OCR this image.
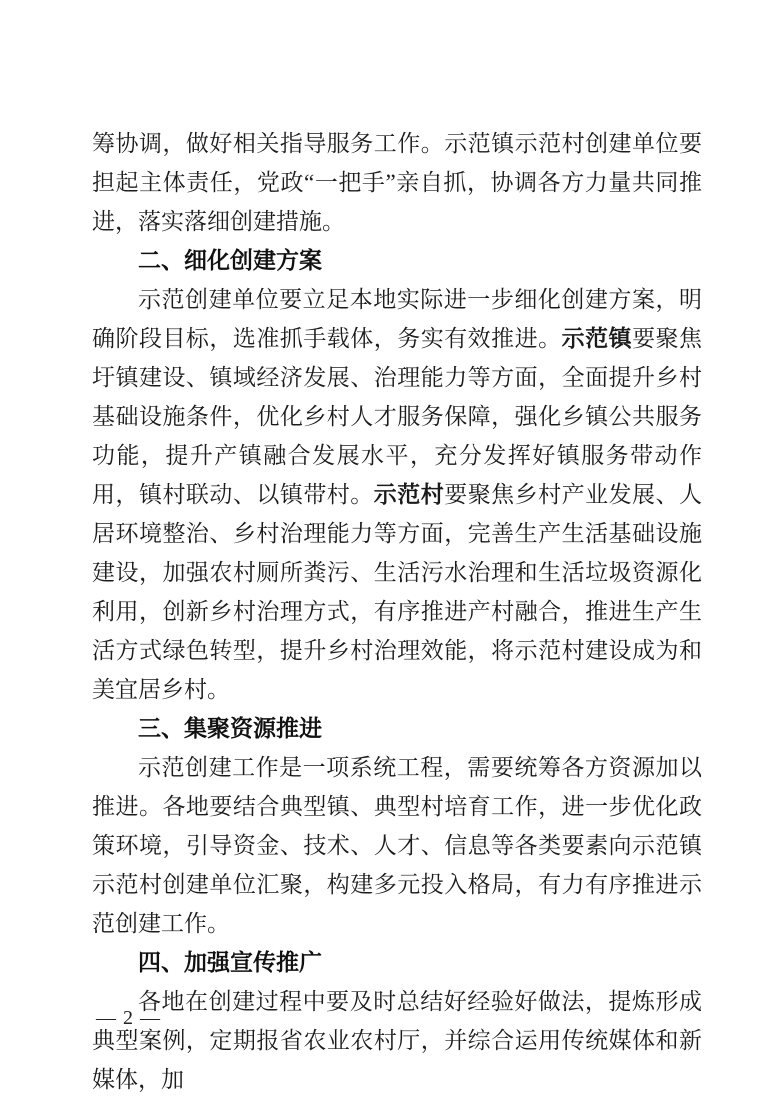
筹协调，做好相关指导服务工作。示范镇示范村创建单位要担起主体责任，党政“一把手”亲自抓，协调各方力量共同推进，落实落细创建措施。

二、细化创建方案

示范创建单位要立足本地实际进一步细化创建方案，明确阶段目标，选准抓手载体，务实有效推进。示范镇要聚焦圩镇建设、镇域经济发展、治理能力等方面，全面提升乡村基础设施条件，优化乡村人才服务保障，强化乡镇公共服务功能，提升产镇融合发展水平，充分发挥好镇服务带动作用，镇村联动、以镇带村。示范村要聚焦乡村产业发展、人居环境整治、乡村治理能力等方面，完善生产生活基础设施建设，加强农村厕所粪污、生活污水治理和生活垃圾资源化利用，创新乡村治理方式，有序推进产村融合，推进生产生活方式绿色转型，提升乡村治理效能，将示范村建设成为和美宜居乡村。

三、集聚资源推进

示范创建工作是一项系统工程，需要统筹各方资源加以推进。各地要结合典型镇、典型村培育工作，进一步优化政策环境，引导资金、技术、人才、信息等各类要素向示范镇示范村创建单位汇聚，构建多元投入格局，有力有序推进示范创建工作。

四、加强宣传推广

各地在创建过程中要及时总结好经验好做法，提炼形成典型案例，定期报省农业农村厅，并综合运用传统媒体和新媒体，加

— 2 —
